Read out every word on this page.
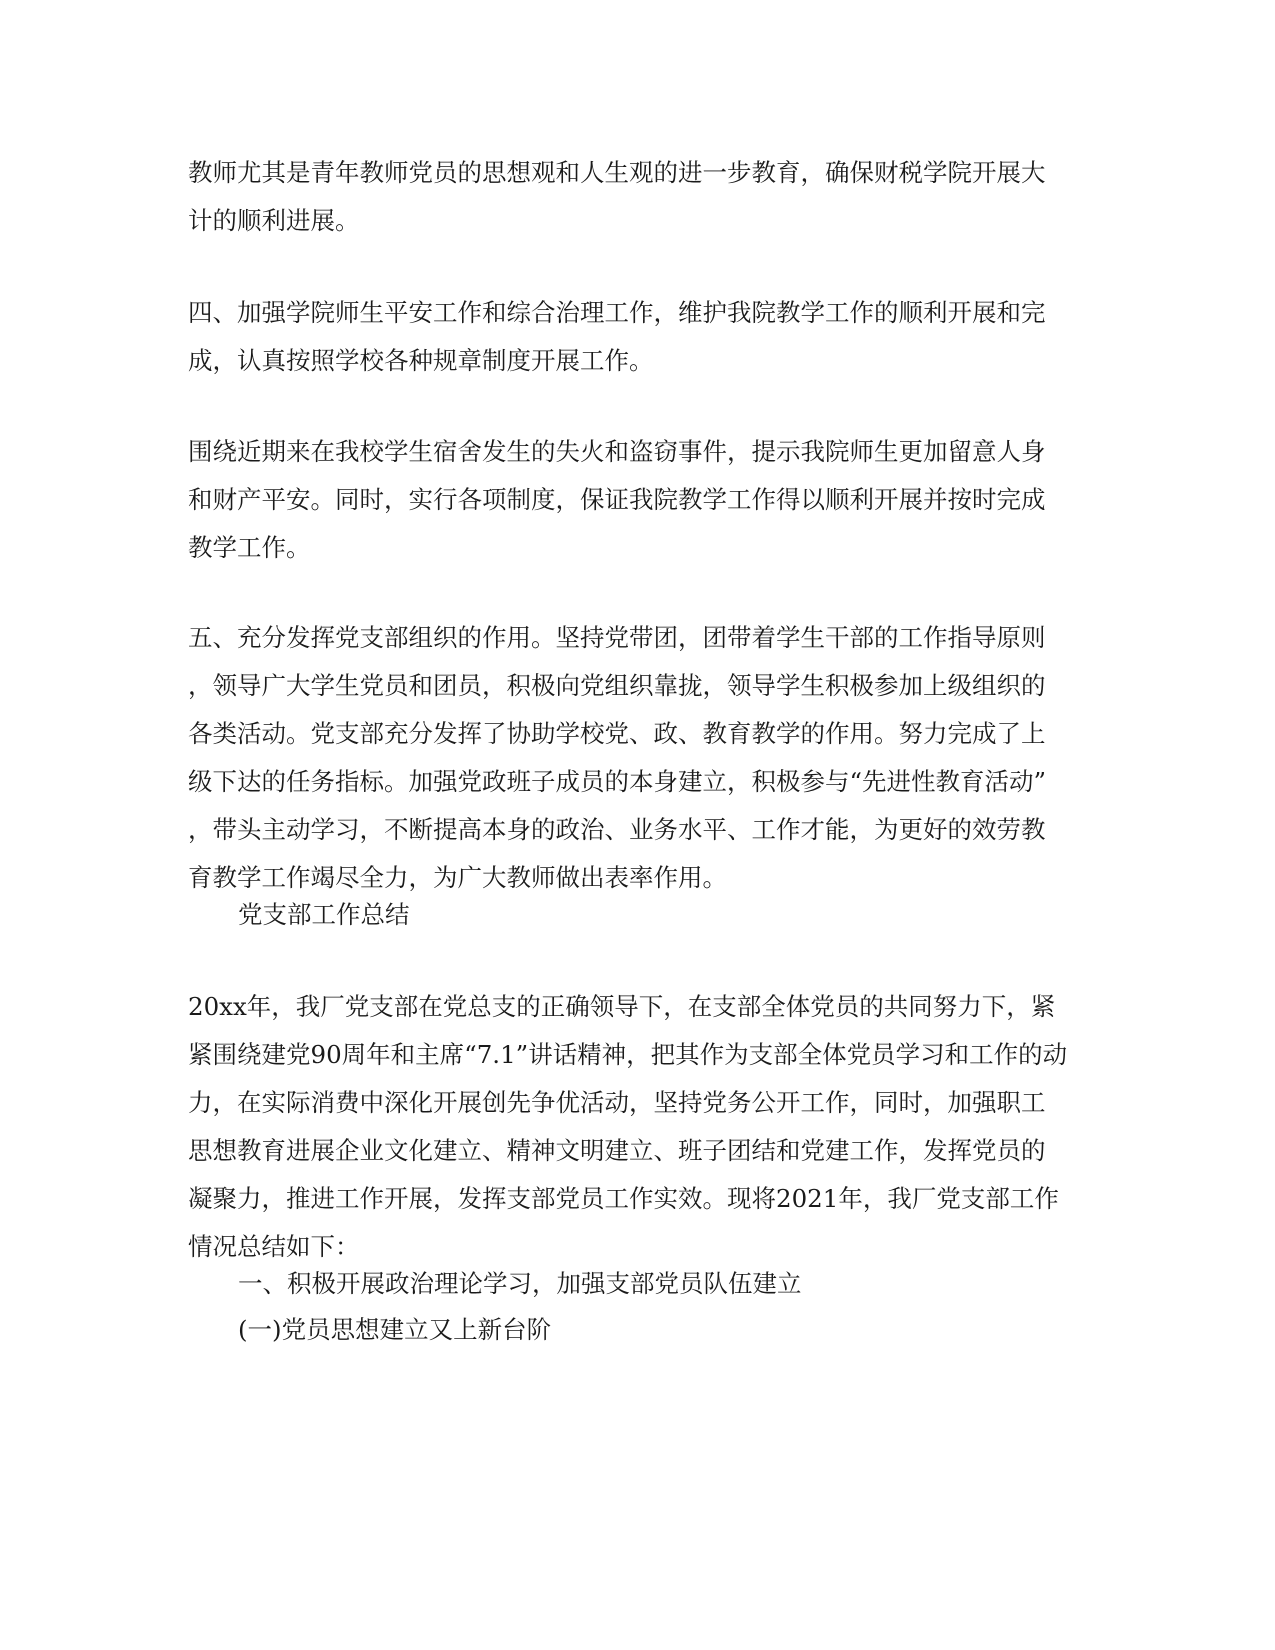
教师尤其是青年教师党员的思想观和人生观的进一步教育，确保财税学院开展大
计的顺利进展。
四、加强学院师生平安工作和综合治理工作，维护我院教学工作的顺利开展和完
成，认真按照学校各种规章制度开展工作。
围绕近期来在我校学生宿舍发生的失火和盗窃事件，提示我院师生更加留意人身
和财产平安。同时，实行各项制度，保证我院教学工作得以顺利开展并按时完成
教学工作。
五、充分发挥党支部组织的作用。坚持党带团，团带着学生干部的工作指导原则
，领导广大学生党员和团员，积极向党组织靠拢，领导学生积极参加上级组织的
各类活动。党支部充分发挥了协助学校党、政、教育教学的作用。努力完成了上
级下达的任务指标。加强党政班子成员的本身建立，积极参与“先进性教育活动”
，带头主动学习，不断提高本身的政治、业务水平、工作才能，为更好的效劳教
育教学工作竭尽全力，为广大教师做出表率作用。
党支部工作总结
20xx年，我厂党支部在党总支的正确领导下，在支部全体党员的共同努力下，紧
紧围绕建党90周年和主席“7.1”讲话精神，把其作为支部全体党员学习和工作的动
力，在实际消费中深化开展创先争优活动，坚持党务公开工作，同时，加强职工
思想教育进展企业文化建立、精神文明建立、班子团结和党建工作，发挥党员的
凝聚力，推进工作开展，发挥支部党员工作实效。现将2021年，我厂党支部工作
情况总结如下：
一、积极开展政治理论学习，加强支部党员队伍建立
(一)党员思想建立又上新台阶
